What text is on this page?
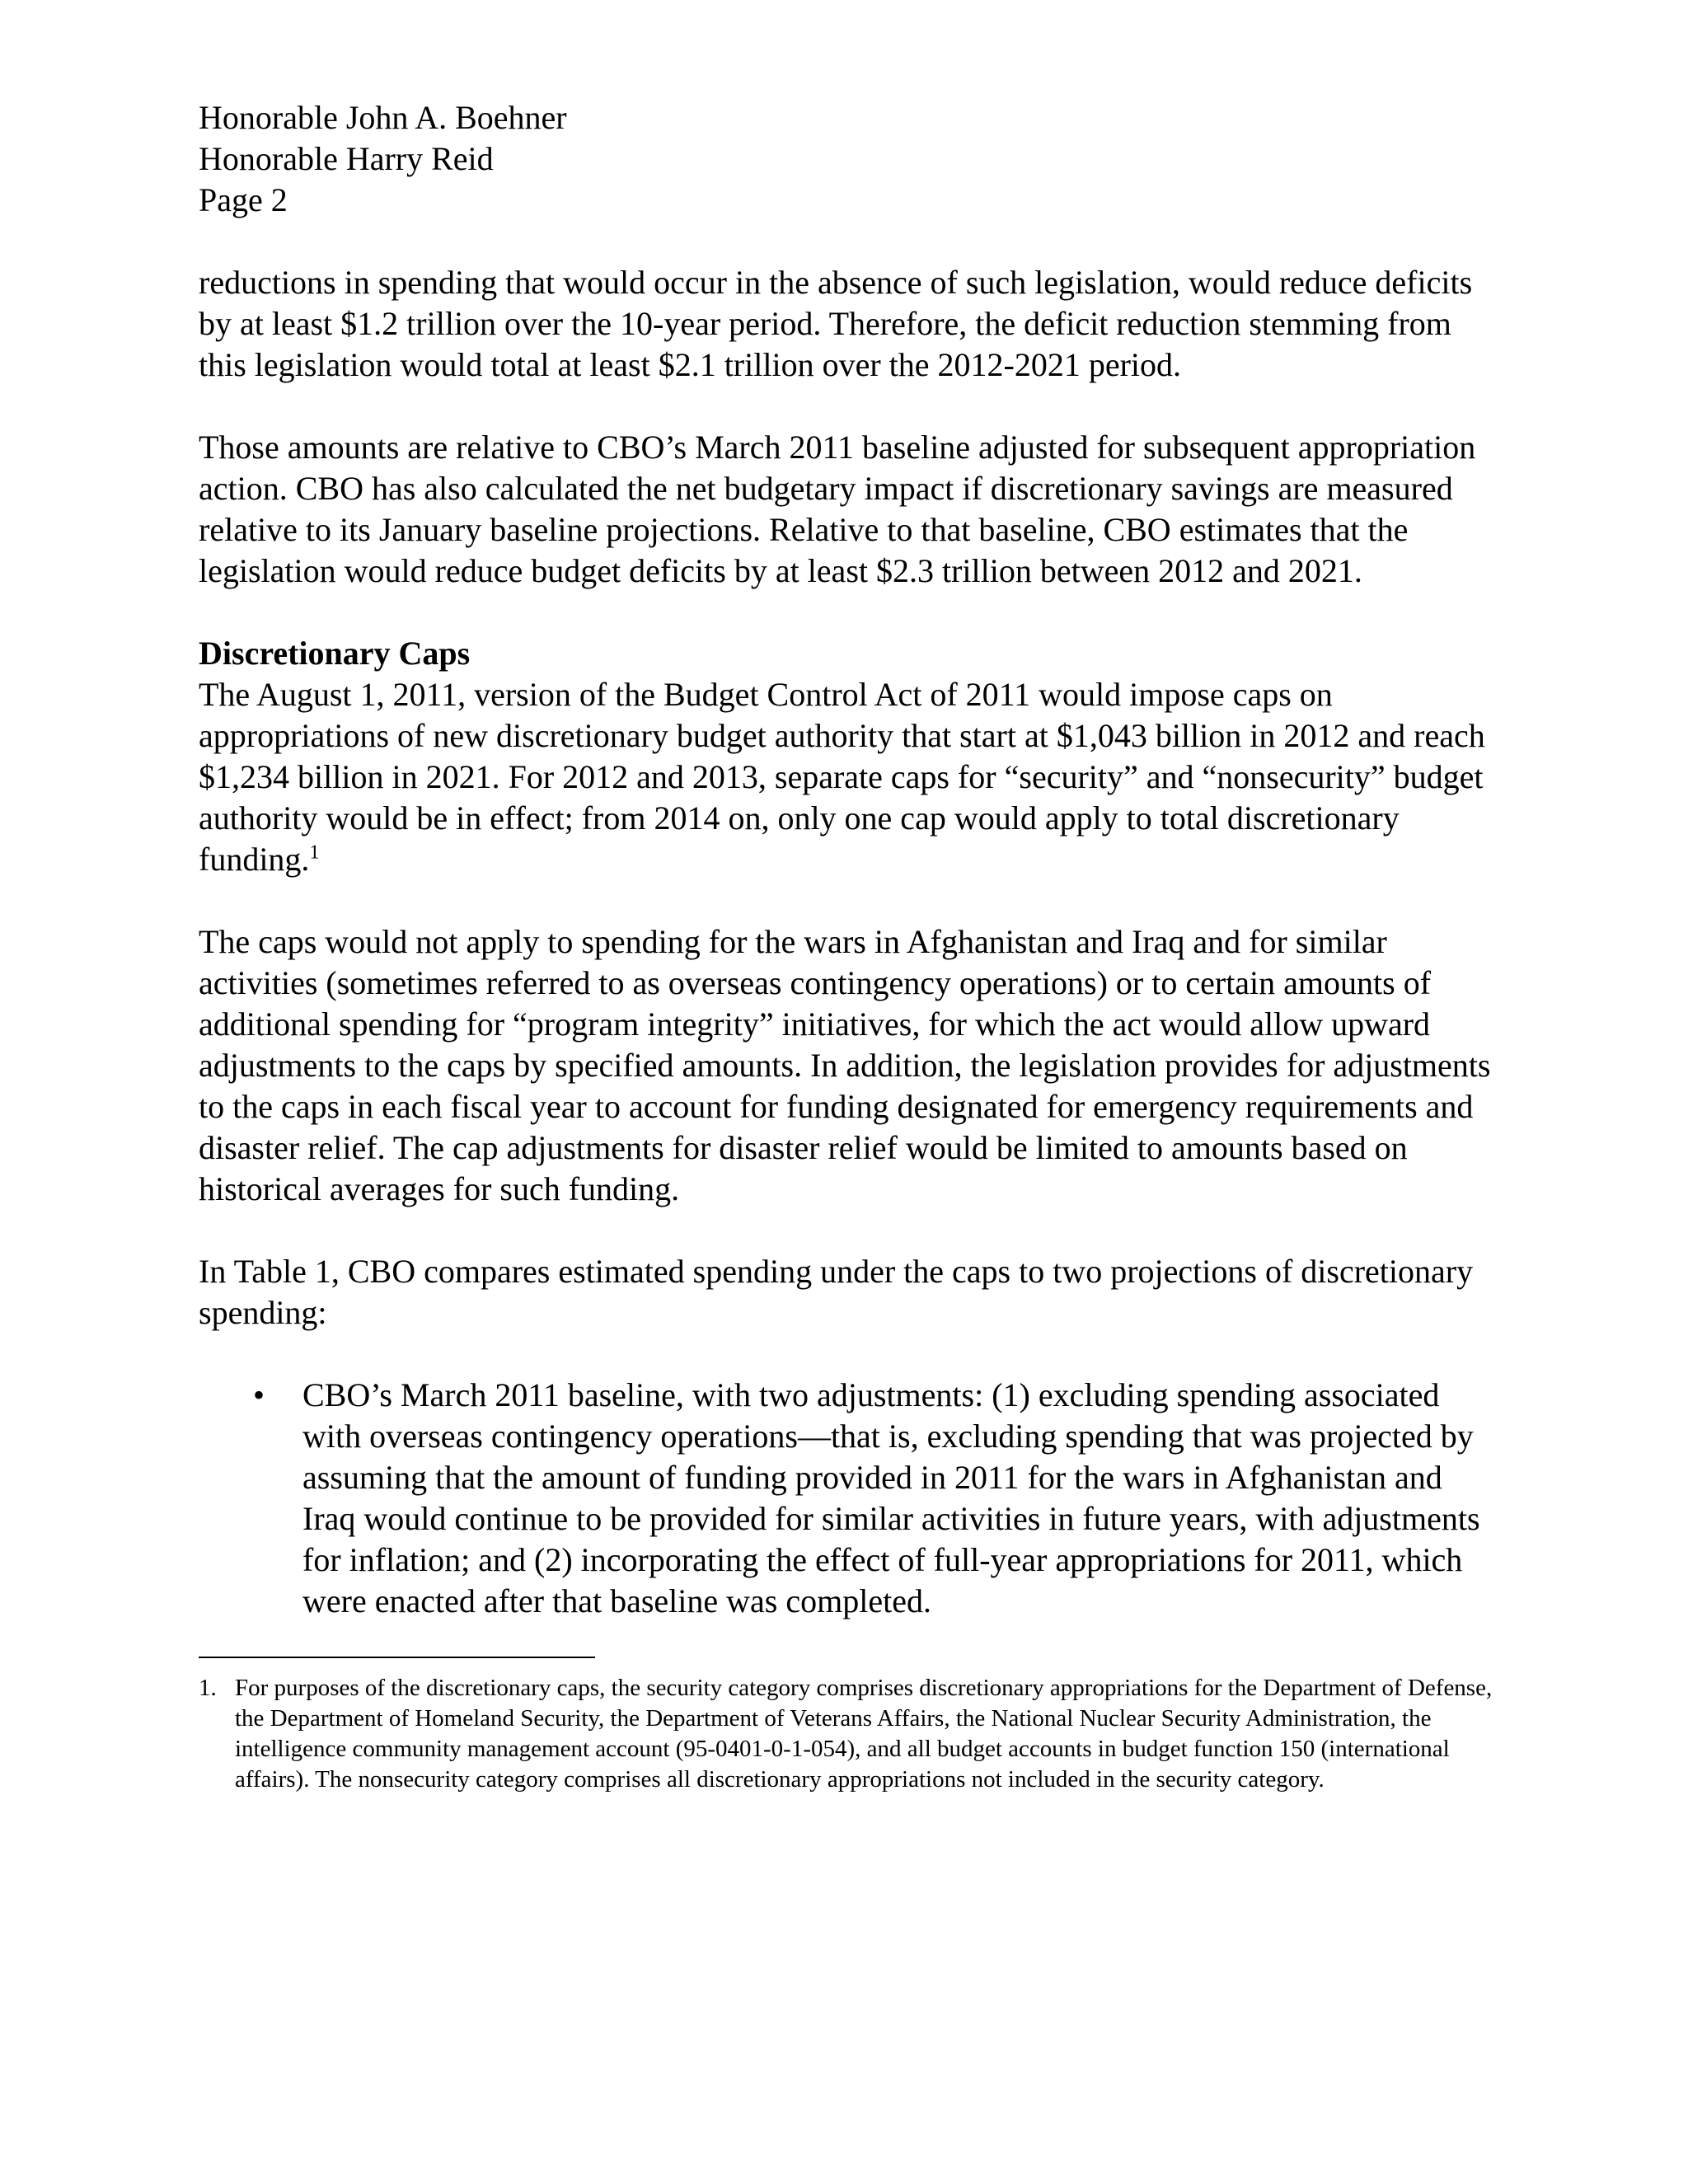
Honorable John A. Boehner

Honorable Harry Reid

Page 2

reductions in spending that would occur in the absence of such legislation, would reduce deficits by at least $1.2 trillion over the 10-year period. Therefore, the deficit reduction stemming from this legislation would total at least $2.1 trillion over the 2012-2021 period.

Those amounts are relative to CBO’s March 2011 baseline adjusted for subsequent appropriation action. CBO has also calculated the net budgetary impact if discretionary savings are measured relative to its January baseline projections. Relative to that baseline, CBO estimates that the legislation would reduce budget deficits by at least $2.3 trillion between 2012 and 2021.

Discretionary Caps

The August 1, 2011, version of the Budget Control Act of 2011 would impose caps on appropriations of new discretionary budget authority that start at $1,043 billion in 2012 and reach $1,234 billion in 2021. For 2012 and 2013, separate caps for “security” and “nonsecurity” budget authority would be in effect; from 2014 on, only one cap would apply to total discretionary funding.$^1$

The caps would not apply to spending for the wars in Afghanistan and Iraq and for similar activities (sometimes referred to as overseas contingency operations) or to certain amounts of additional spending for “program integrity” initiatives, for which the act would allow upward adjustments to the caps by specified amounts. In addition, the legislation provides for adjustments to the caps in each fiscal year to account for funding designated for emergency requirements and disaster relief. The cap adjustments for disaster relief would be limited to amounts based on historical averages for such funding.

In Table 1, CBO compares estimated spending under the caps to two projections of discretionary spending:

• CBO’s March 2011 baseline, with two adjustments: (1) excluding spending associated with overseas contingency operations—that is, excluding spending that was projected by assuming that the amount of funding provided in 2011 for the wars in Afghanistan and Iraq would continue to be provided for similar activities in future years, with adjustments for inflation; and (2) incorporating the effect of full-year appropriations for 2011, which were enacted after that baseline was completed.

1. For purposes of the discretionary caps, the security category comprises discretionary appropriations for the Department of Defense, the Department of Homeland Security, the Department of Veterans Affairs, the National Nuclear Security Administration, the intelligence community management account (95-0401-0-1-054), and all budget accounts in budget function 150 (international affairs). The nonsecurity category comprises all discretionary appropriations not included in the security category.
